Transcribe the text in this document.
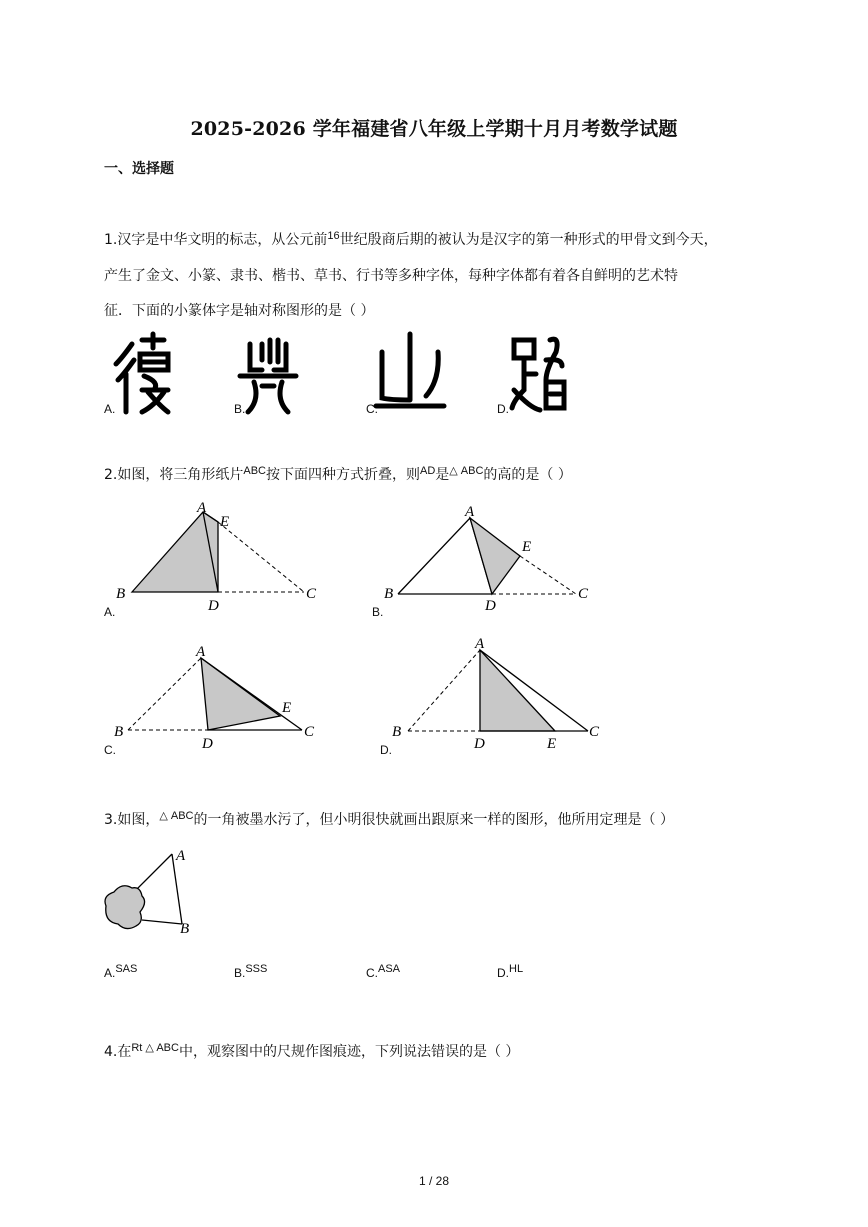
2025-2026 学年福建省八年级上学期十月月考数学试题
一、选择题
1.汉字是中华文明的标志，从公元前$^{16}$世纪殷商后期的被认为是汉字的第一种形式的甲骨文到今天，
产生了金文、小篆、隶书、楷书、草书、行书等多种字体，每种字体都有着各自鲜明的艺术特
征．下面的小篆体字是轴对称图形的是（ ）
A.	B.	C.	D.
2.如图，将三角形纸片$^{ABC}$按下面四种方式折叠，则$^{AD}$是$^{\triangle ABC}$的高的是（ ）
A
E
B
D
C
A
E
B
D
C
A
E
B
D
C
A
B
D	E
C
A.	B.
C.	D.
3.如图，$^{\triangle ABC}$的一角被墨水污了，但小明很快就画出跟原来一样的图形，他所用定理是（ ）
A
B
A.SAS	B.SSS	C.ASA	D.HL
4.在$^{Rt \triangle ABC}$中，观察图中的尺规作图痕迹，下列说法错误的是（ ）
1 / 28
